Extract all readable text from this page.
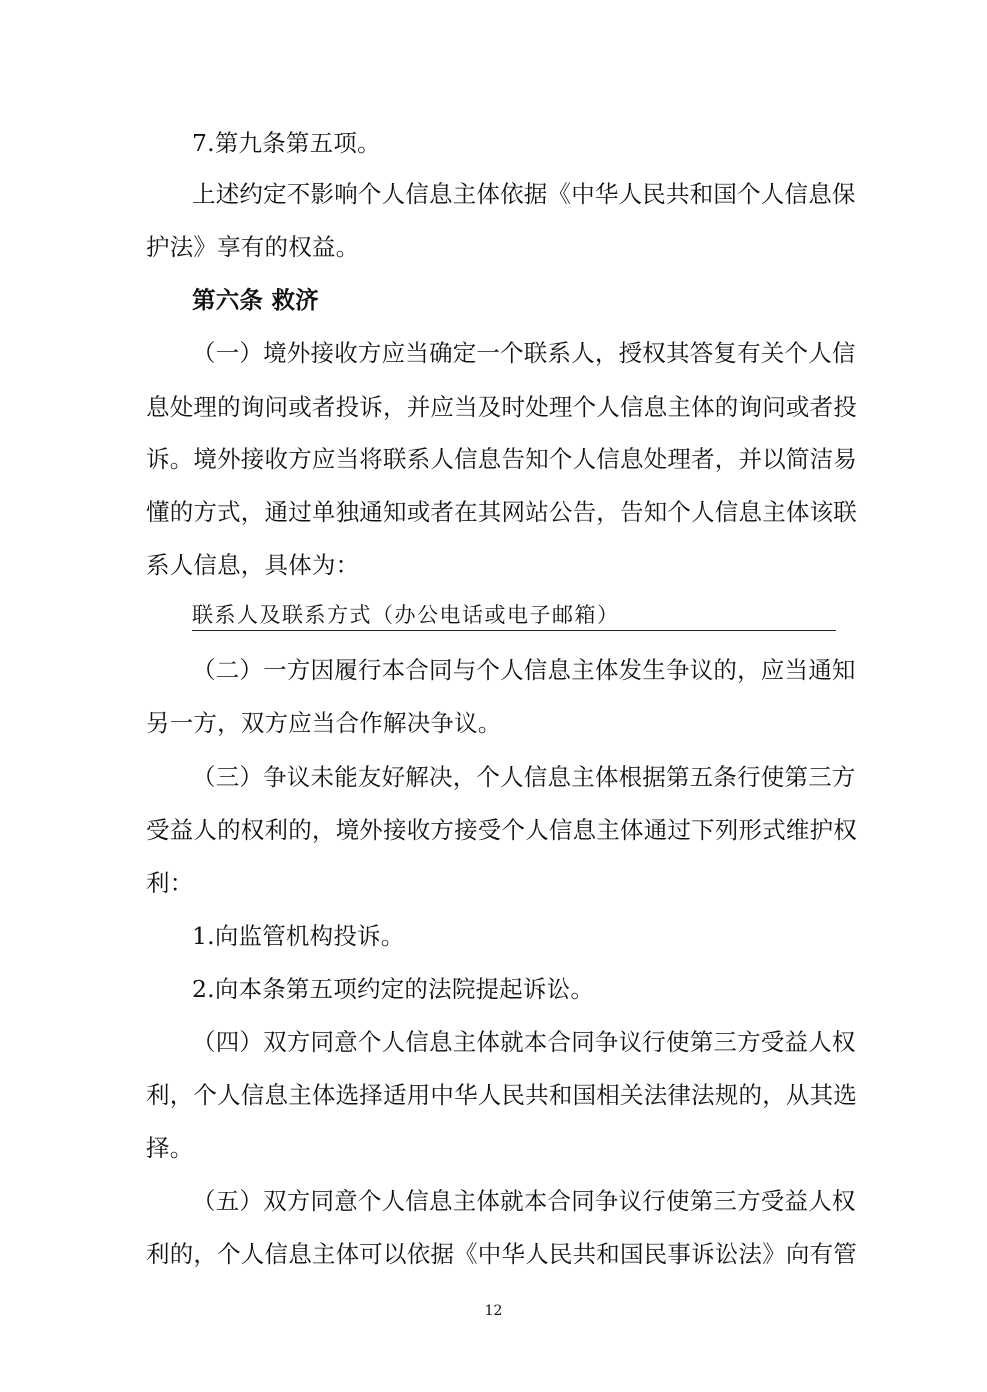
7.第九条第五项。
上述约定不影响个人信息主体依据《中华人民共和国个人信息保
护法》享有的权益。
第六条 救济
（一）境外接收方应当确定一个联系人，授权其答复有关个人信
息处理的询问或者投诉，并应当及时处理个人信息主体的询问或者投
诉。境外接收方应当将联系人信息告知个人信息处理者，并以简洁易
懂的方式，通过单独通知或者在其网站公告，告知个人信息主体该联
系人信息，具体为：
联系人及联系方式（办公电话或电子邮箱）
（二）一方因履行本合同与个人信息主体发生争议的，应当通知
另一方，双方应当合作解决争议。
（三）争议未能友好解决，个人信息主体根据第五条行使第三方
受益人的权利的，境外接收方接受个人信息主体通过下列形式维护权
利：
1.向监管机构投诉。
2.向本条第五项约定的法院提起诉讼。
（四）双方同意个人信息主体就本合同争议行使第三方受益人权
利，个人信息主体选择适用中华人民共和国相关法律法规的，从其选
择。
（五）双方同意个人信息主体就本合同争议行使第三方受益人权
利的，个人信息主体可以依据《中华人民共和国民事诉讼法》向有管
12
